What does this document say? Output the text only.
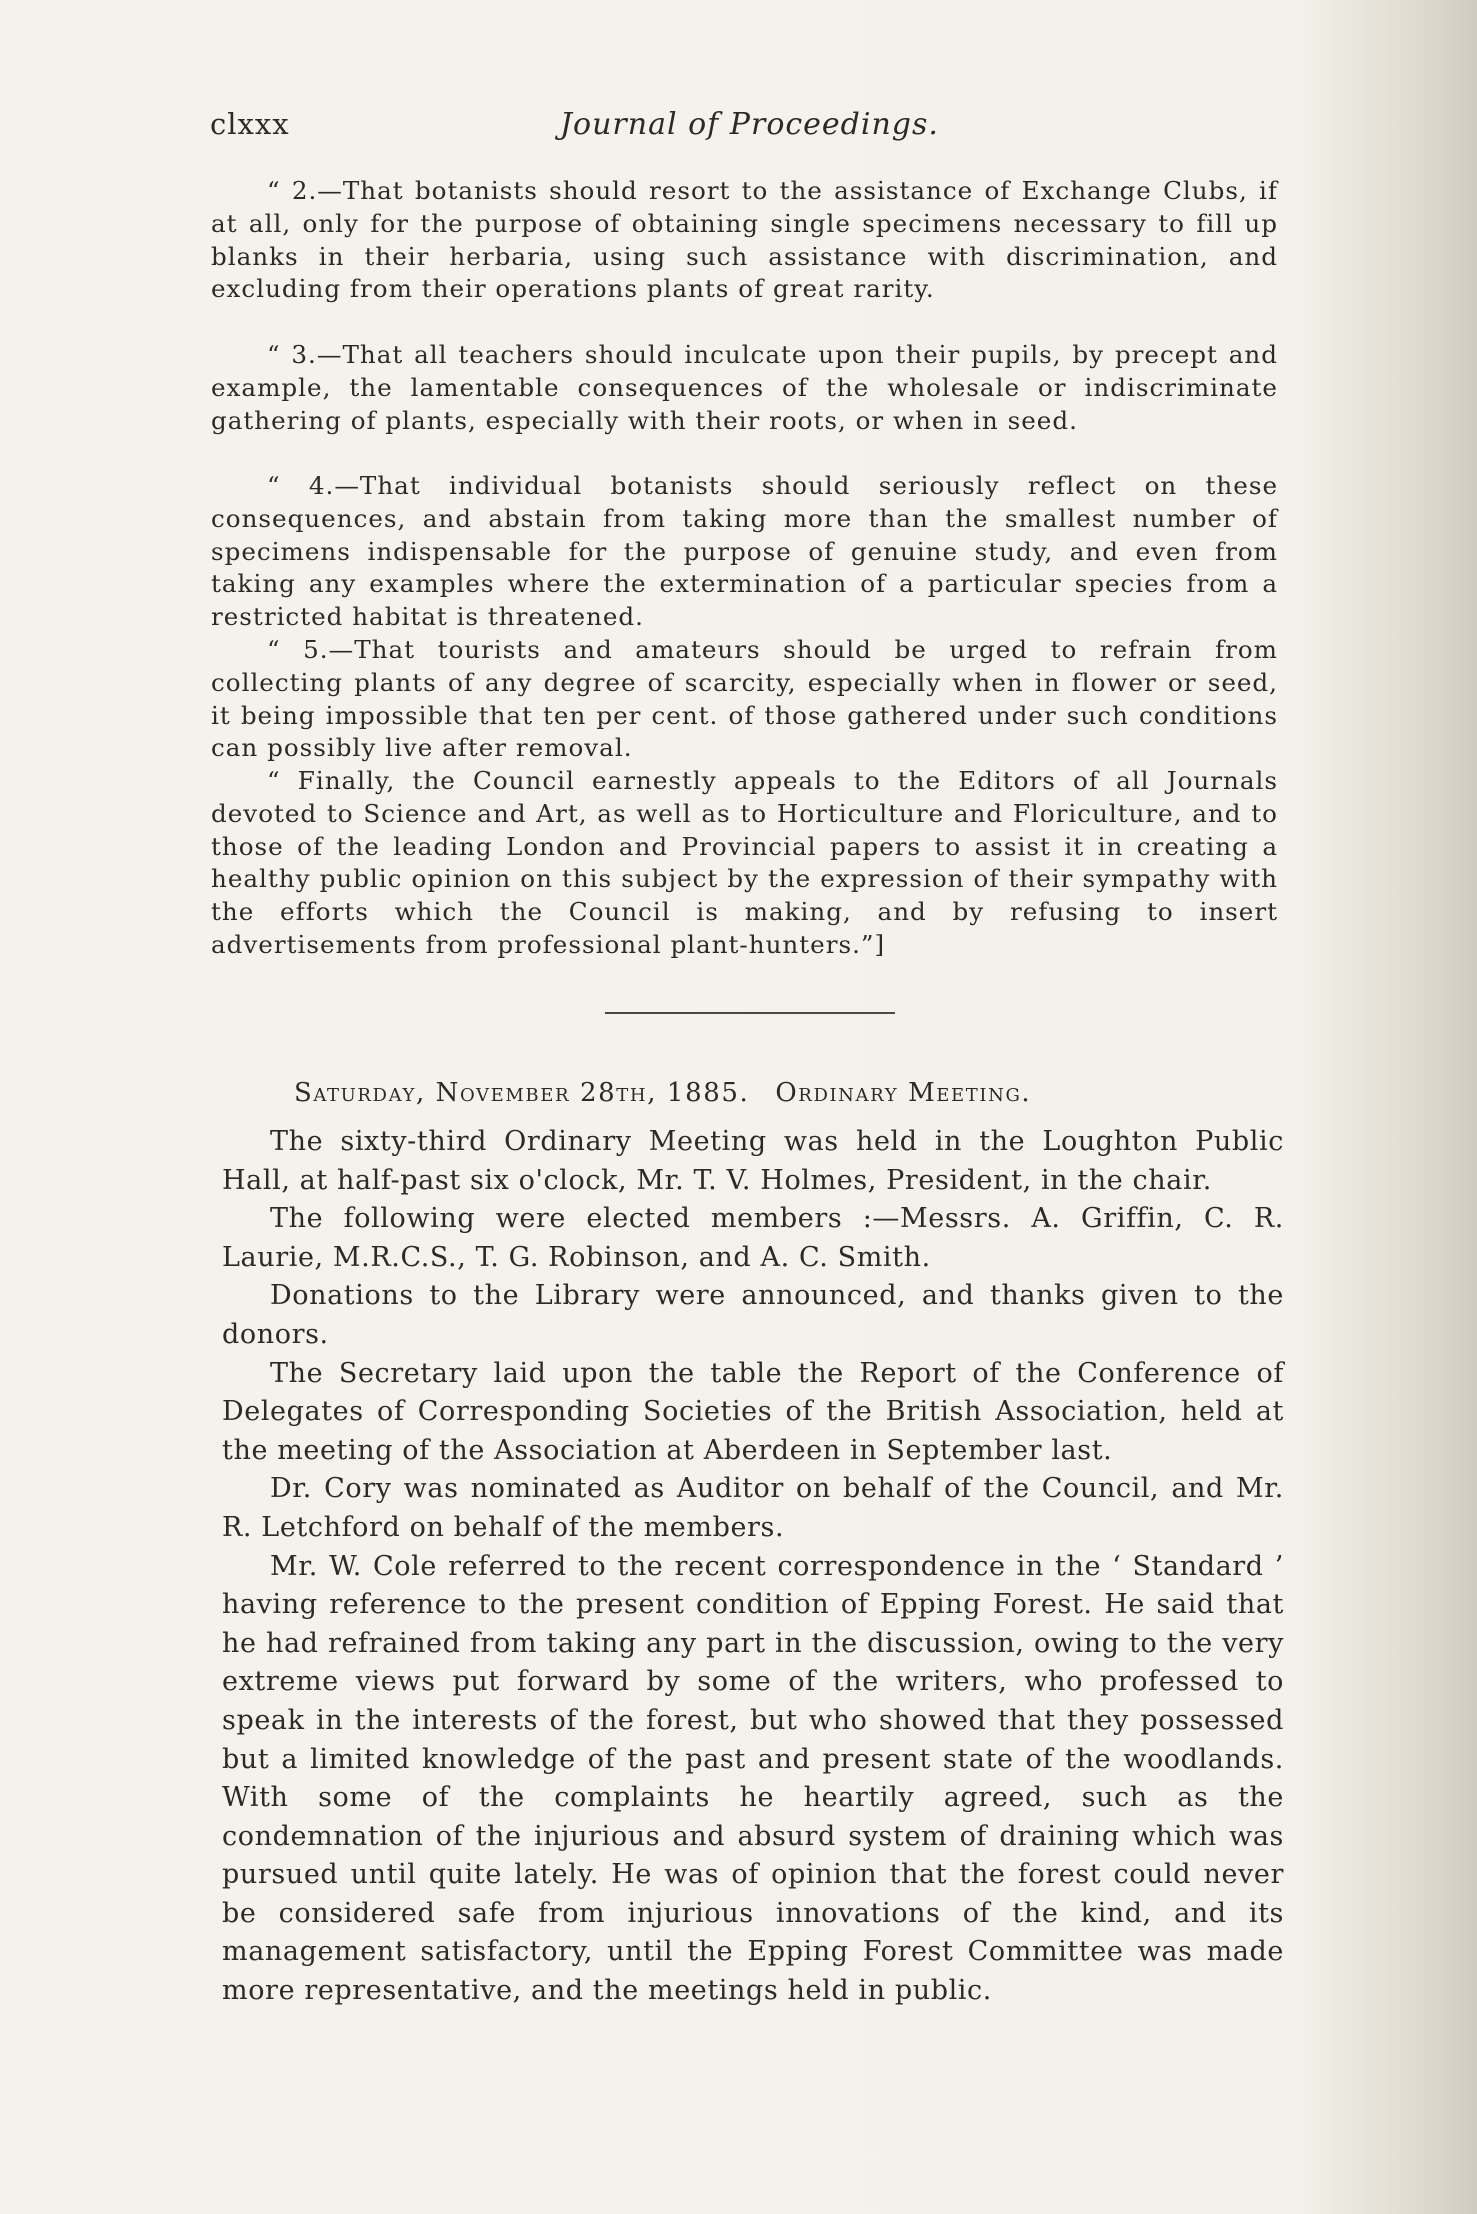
clxxx	Journal of Proceedings.

“ 2.—That botanists should resort to the assistance of Exchange Clubs, if at all, only for the purpose of obtaining single specimens necessary to fill up blanks in their herbaria, using such assistance with discrimination, and excluding from their operations plants of great rarity.

“ 3.—That all teachers should inculcate upon their pupils, by precept and example, the lamentable consequences of the wholesale or indiscriminate gathering of plants, especially with their roots, or when in seed.

“ 4.—That individual botanists should seriously reflect on these consequences, and abstain from taking more than the smallest number of specimens indispensable for the purpose of genuine study, and even from taking any examples where the extermination of a particular species from a restricted habitat is threatened.

“ 5.—That tourists and amateurs should be urged to refrain from collecting plants of any degree of scarcity, especially when in flower or seed, it being impossible that ten per cent. of those gathered under such conditions can possibly live after removal.

“ Finally, the Council earnestly appeals to the Editors of all Journals devoted to Science and Art, as well as to Horticulture and Floriculture, and to those of the leading London and Provincial papers to assist it in creating a healthy public opinion on this subject by the expression of their sympathy with the efforts which the Council is making, and by refusing to insert advertisements from professional plant-hunters.”]

Saturday, November 28th, 1885. Ordinary Meeting.

The sixty-third Ordinary Meeting was held in the Loughton Public Hall, at half-past six o'clock, Mr. T. V. Holmes, President, in the chair.

The following were elected members :—Messrs. A. Griffin, C. R. Laurie, M.R.C.S., T. G. Robinson, and A. C. Smith.

Donations to the Library were announced, and thanks given to the donors.

The Secretary laid upon the table the Report of the Conference of Delegates of Corresponding Societies of the British Association, held at the meeting of the Association at Aberdeen in September last.

Dr. Cory was nominated as Auditor on behalf of the Council, and Mr. R. Letchford on behalf of the members.

Mr. W. Cole referred to the recent correspondence in the ‘ Standard ’ having reference to the present condition of Epping Forest. He said that he had refrained from taking any part in the discussion, owing to the very extreme views put forward by some of the writers, who professed to speak in the interests of the forest, but who showed that they possessed but a limited knowledge of the past and present state of the woodlands. With some of the complaints he heartily agreed, such as the condemnation of the injurious and absurd system of draining which was pursued until quite lately. He was of opinion that the forest could never be considered safe from injurious innovations of the kind, and its management satisfactory, until the Epping Forest Committee was made more representative, and the meetings held in public.
